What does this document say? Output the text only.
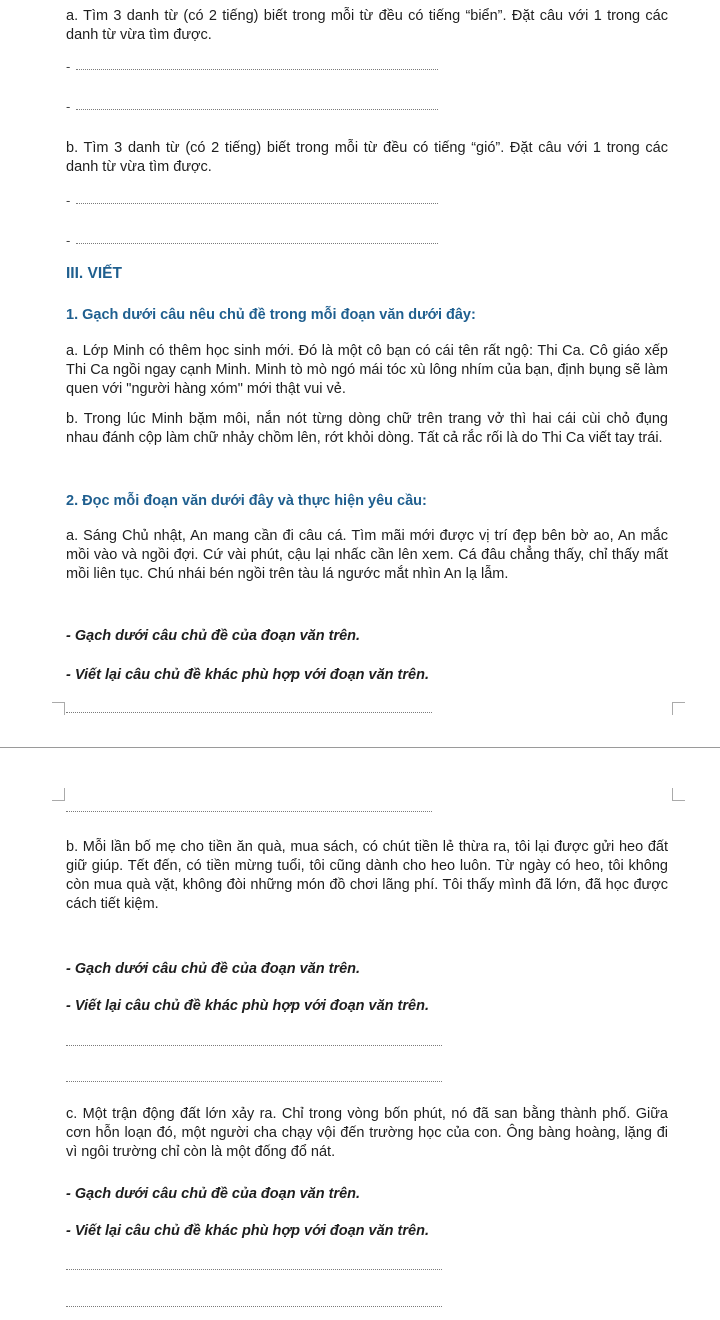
a. Tìm 3 danh từ (có 2 tiếng) biết trong mỗi từ đều có tiếng “biển”. Đặt câu với 1 trong các danh từ vừa tìm được.

-
-

b. Tìm 3 danh từ (có 2 tiếng) biết trong mỗi từ đều có tiếng “gió”. Đặt câu với 1 trong các danh từ vừa tìm được.

-
-

III. VIẾT

1. Gạch dưới câu nêu chủ đề trong mỗi đoạn văn dưới đây:

a. Lớp Minh có thêm học sinh mới. Đó là một cô bạn có cái tên rất ngộ: Thi Ca. Cô giáo xếp Thi Ca ngồi ngay cạnh Minh. Minh tò mò ngó mái tóc xù lông nhím của bạn, định bụng sẽ làm quen với "người hàng xóm" mới thật vui vẻ.

b. Trong lúc Minh bặm môi, nắn nót từng dòng chữ trên trang vở thì hai cái cùi chỏ đụng nhau đánh cộp làm chữ nhảy chồm lên, rớt khỏi dòng. Tất cả rắc rối là do Thi Ca viết tay trái.

2. Đọc mỗi đoạn văn dưới đây và thực hiện yêu cầu:

a. Sáng Chủ nhật, An mang cần đi câu cá. Tìm mãi mới được vị trí đẹp bên bờ ao, An mắc mồi vào và ngồi đợi. Cứ vài phút, cậu lại nhấc cần lên xem. Cá đâu chẳng thấy, chỉ thấy mất mồi liên tục. Chú nhái bén ngồi trên tàu lá ngước mắt nhìn An lạ lẫm.

- Gạch dưới câu chủ đề của đoạn văn trên.

- Viết lại câu chủ đề khác phù hợp với đoạn văn trên.

b. Mỗi lần bố mẹ cho tiền ăn quà, mua sách, có chút tiền lẻ thừa ra, tôi lại được gửi heo đất giữ giúp. Tết đến, có tiền mừng tuổi, tôi cũng dành cho heo luôn. Từ ngày có heo, tôi không còn mua quà vặt, không đòi những món đồ chơi lãng phí. Tôi thấy mình đã lớn, đã học được cách tiết kiệm.

- Gạch dưới câu chủ đề của đoạn văn trên.

- Viết lại câu chủ đề khác phù hợp với đoạn văn trên.

c. Một trận động đất lớn xảy ra. Chỉ trong vòng bốn phút, nó đã san bằng thành phố. Giữa cơn hỗn loạn đó, một người cha chạy vội đến trường học của con. Ông bàng hoàng, lặng đi vì ngôi trường chỉ còn là một đống đổ nát.

- Gạch dưới câu chủ đề của đoạn văn trên.

- Viết lại câu chủ đề khác phù hợp với đoạn văn trên.
